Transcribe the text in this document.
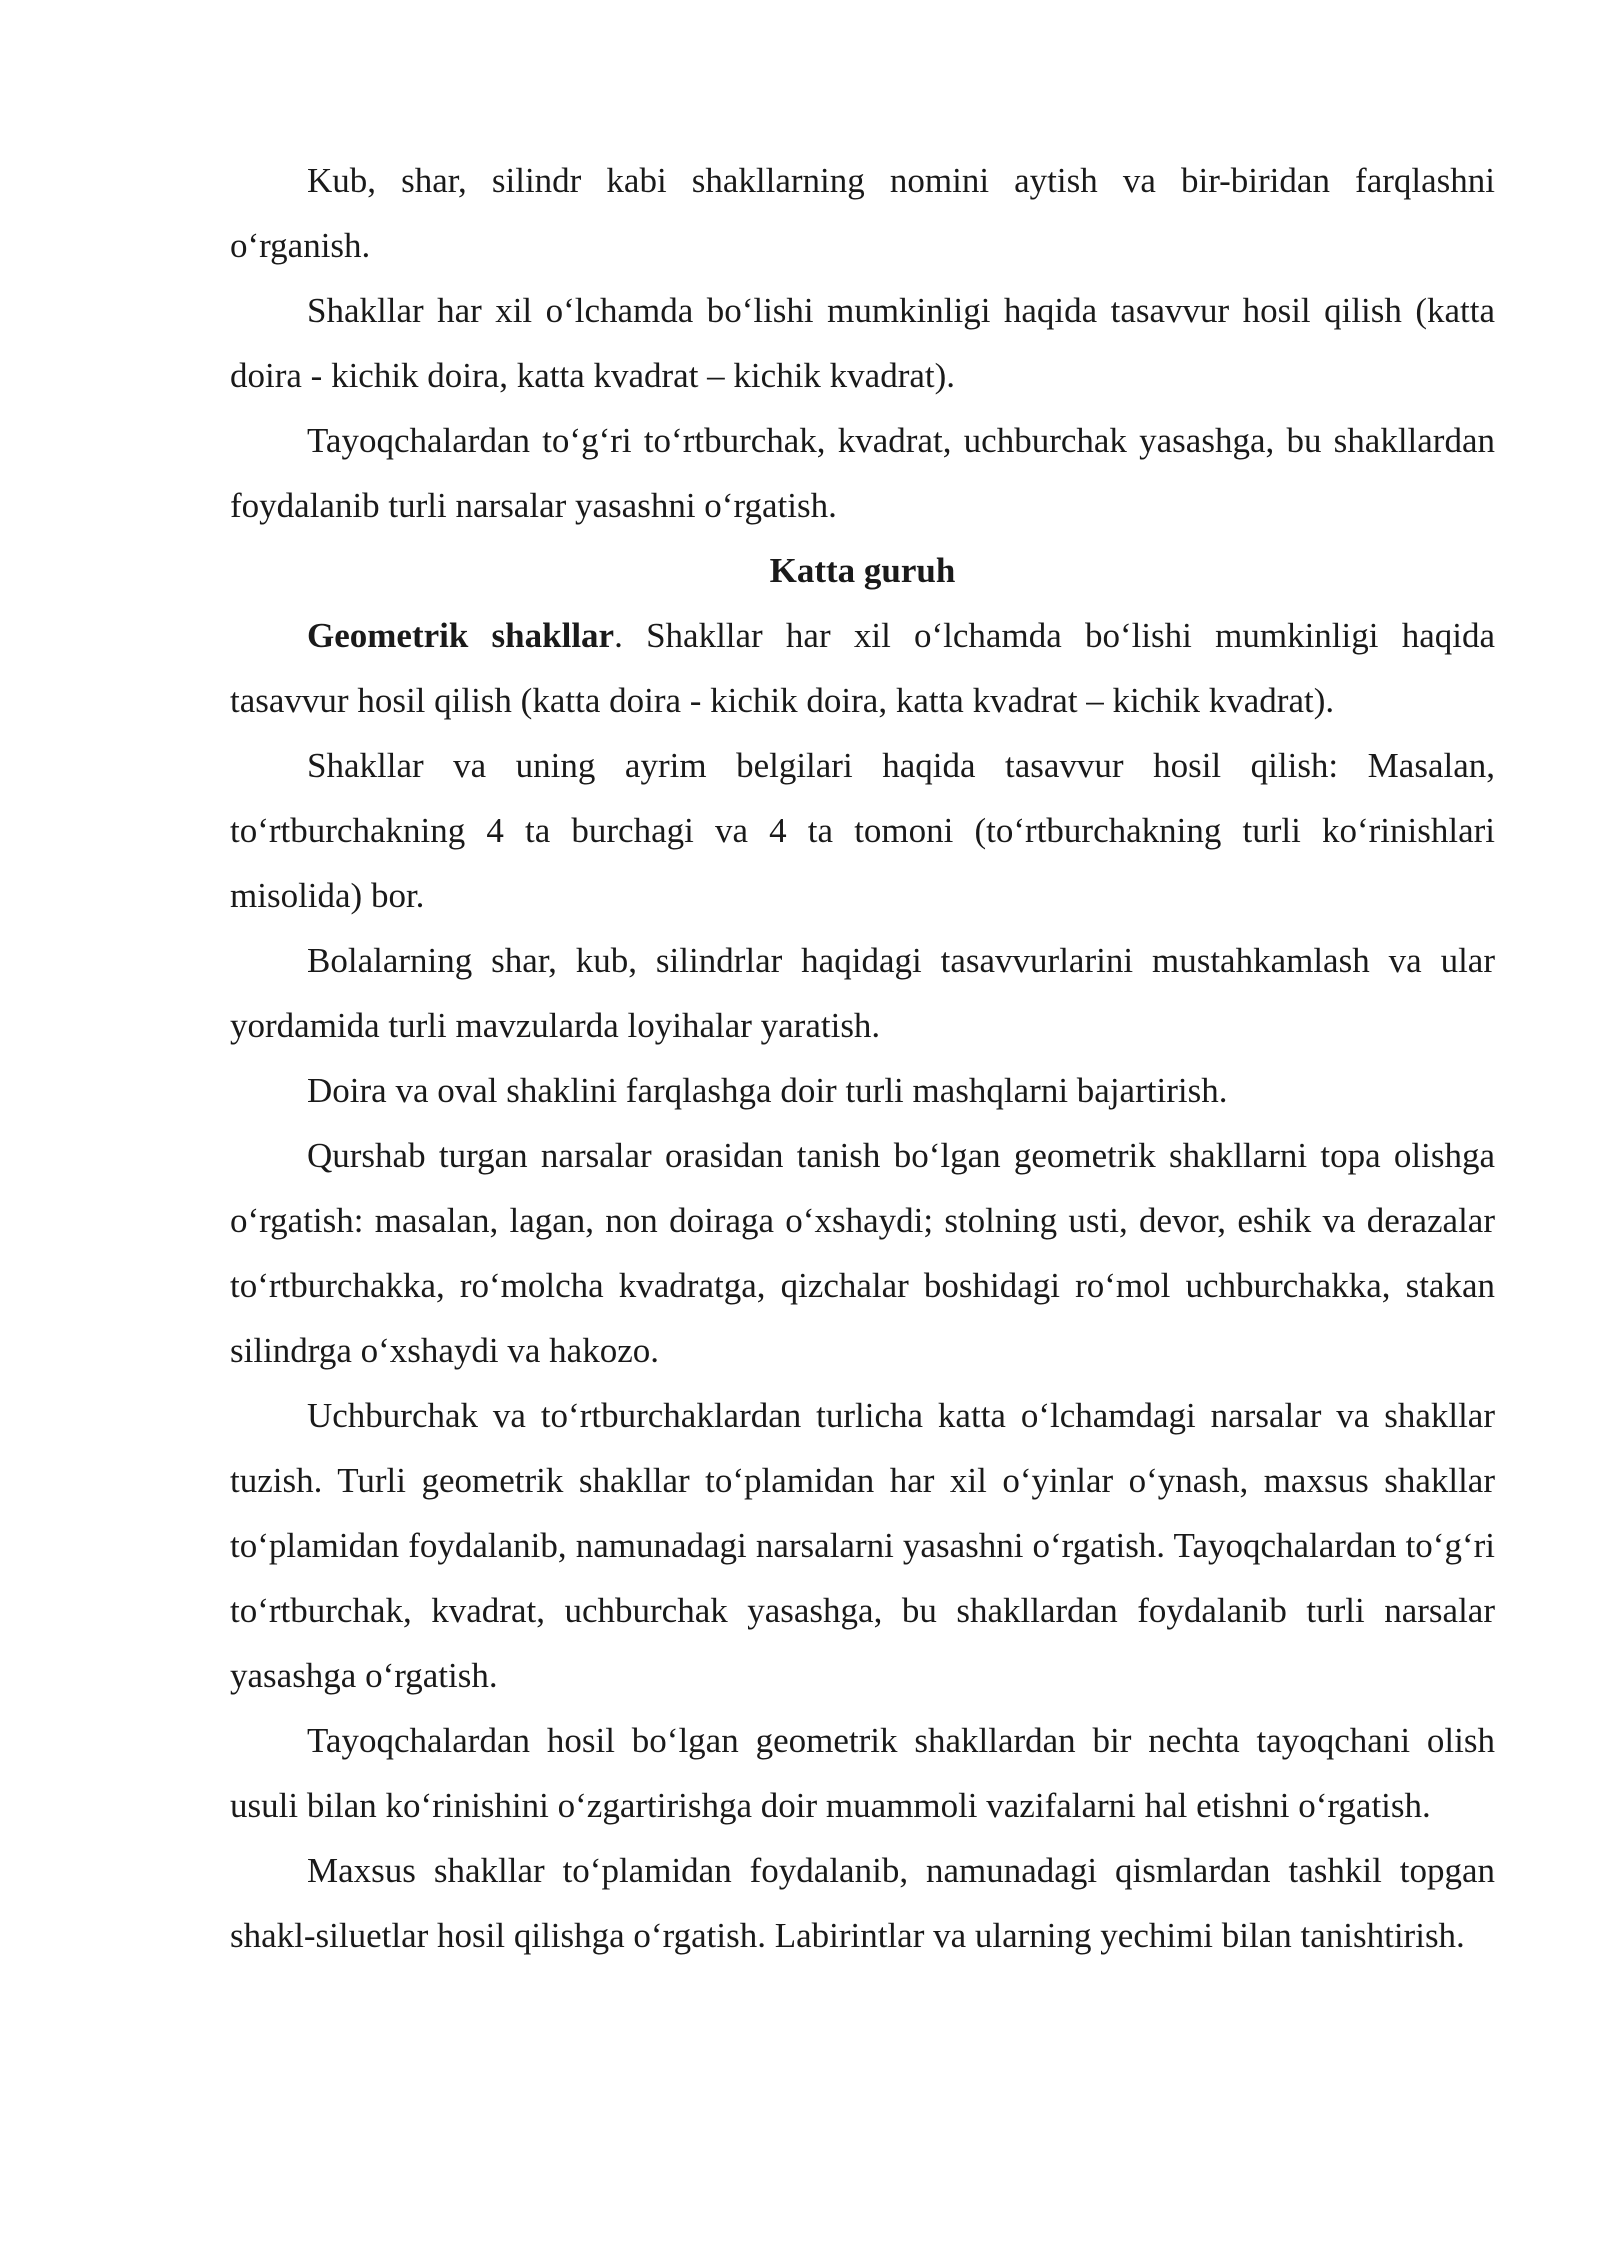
Kub, shar, silindr kabi shakllarning nomini aytish va bir-biridan farqlashni o‘rganish.

Shakllar har xil o‘lchamda bo‘lishi mumkinligi haqida tasavvur hosil qilish (katta doira - kichik doira, katta kvadrat – kichik kvadrat).

Tayoqchalardan to‘g‘ri to‘rtburchak, kvadrat, uchburchak yasashga, bu shakllardan foydalanib turli narsalar yasashni o‘rgatish.

Katta guruh

Geometrik shakllar. Shakllar har xil o‘lchamda bo‘lishi mumkinligi haqida tasavvur hosil qilish (katta doira - kichik doira, katta kvadrat – kichik kvadrat).

Shakllar va uning ayrim belgilari haqida tasavvur hosil qilish: Masalan, to‘rtburchakning 4 ta burchagi va 4 ta tomoni (to‘rtburchakning turli ko‘rinishlari misolida) bor.

Bolalarning shar, kub, silindrlar haqidagi tasavvurlarini mustahkamlash va ular yordamida turli mavzularda loyihalar yaratish.

Doira va oval shaklini farqlashga doir turli mashqlarni bajartirish.

Qurshab turgan narsalar orasidan tanish bo‘lgan geometrik shakllarni topa olishga o‘rgatish: masalan, lagan, non doiraga o‘xshaydi; stolning usti, devor, eshik va derazalar to‘rtburchakka, ro‘molcha kvadratga, qizchalar boshidagi ro‘mol uchburchakka, stakan silindrga o‘xshaydi va hakozo.

Uchburchak va to‘rtburchaklardan turlicha katta o‘lchamdagi narsalar va shakllar tuzish. Turli geometrik shakllar to‘plamidan har xil o‘yinlar o‘ynash, maxsus shakllar to‘plamidan foydalanib, namunadagi narsalarni yasashni o‘rgatish. Tayoqchalardan to‘g‘ri to‘rtburchak, kvadrat, uchburchak yasashga, bu shakllardan foydalanib turli narsalar yasashga o‘rgatish.

Tayoqchalardan hosil bo‘lgan geometrik shakllardan bir nechta tayoqchani olish usuli bilan ko‘rinishini o‘zgartirishga doir muammoli vazifalarni hal etishni o‘rgatish.

Maxsus shakllar to‘plamidan foydalanib, namunadagi qismlardan tashkil topgan shakl-siluetlar hosil qilishga o‘rgatish. Labirintlar va ularning yechimi bilan tanishtirish.
